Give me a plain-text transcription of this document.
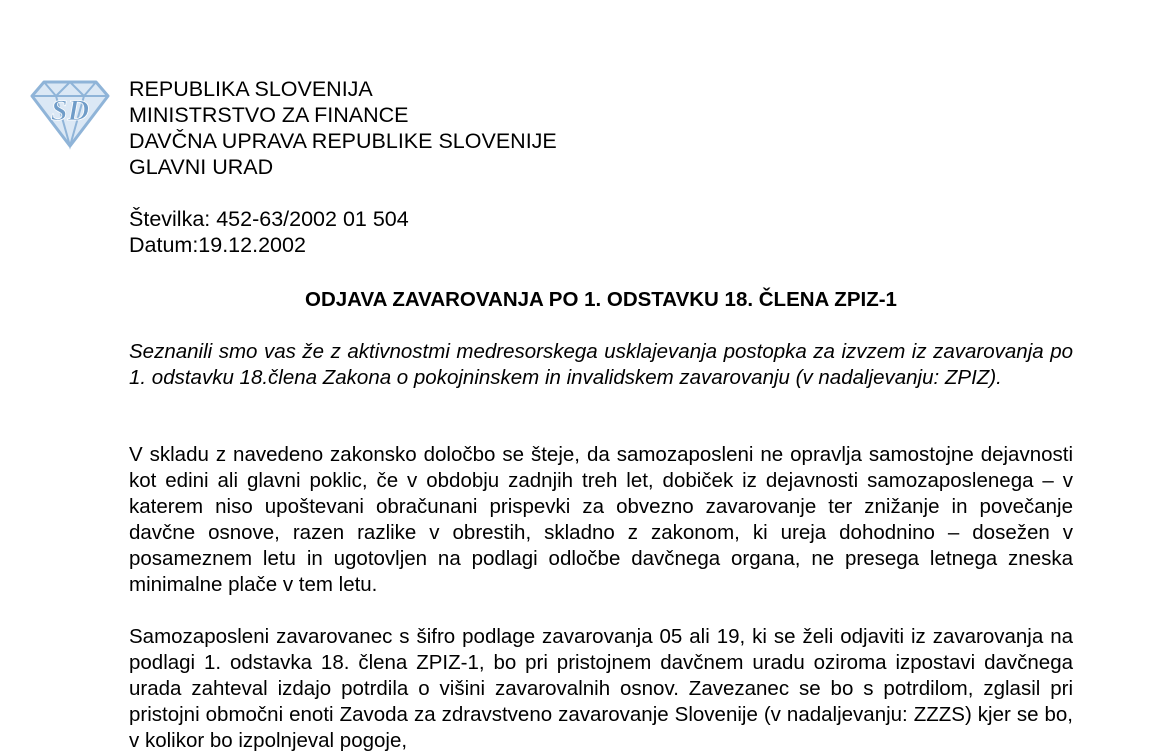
SD
REPUBLIKA SLOVENIJA
MINISTRSTVO ZA FINANCE
DAVČNA UPRAVA REPUBLIKE SLOVENIJE
GLAVNI URAD
Številka: 452-63/2002 01 504
Datum:19.12.2002
ODJAVA ZAVAROVANJA PO 1. ODSTAVKU 18. ČLENA ZPIZ-1
Seznanili smo vas že z aktivnostmi medresorskega usklajevanja postopka za izvzem iz zavarovanja po 1. odstavku 18.člena Zakona o pokojninskem in invalidskem zavarovanju (v nadaljevanju: ZPIZ).
V skladu z navedeno zakonsko določbo se šteje, da samozaposleni ne opravlja samostojne dejavnosti kot edini ali glavni poklic, če v obdobju zadnjih treh let, dobiček iz dejavnosti samozaposlenega – v katerem niso upoštevani obračunani prispevki za obvezno zavarovanje ter znižanje in povečanje davčne osnove, razen razlike v obrestih, skladno z zakonom, ki ureja dohodnino – dosežen v posameznem letu in ugotovljen na podlagi odločbe davčnega organa, ne presega letnega zneska minimalne plače v tem letu.
Samozaposleni zavarovanec s šifro podlage zavarovanja 05 ali 19, ki se želi odjaviti iz zavarovanja na podlagi 1. odstavka 18. člena ZPIZ-1, bo pri pristojnem davčnem uradu oziroma izpostavi davčnega urada zahteval izdajo potrdila o višini zavarovalnih osnov. Zavezanec se bo s potrdilom, zglasil pri pristojni območni enoti Zavoda za zdravstveno zavarovanje Slovenije (v nadaljevanju: ZZZS) kjer se bo, v kolikor bo izpolnjeval pogoje,
